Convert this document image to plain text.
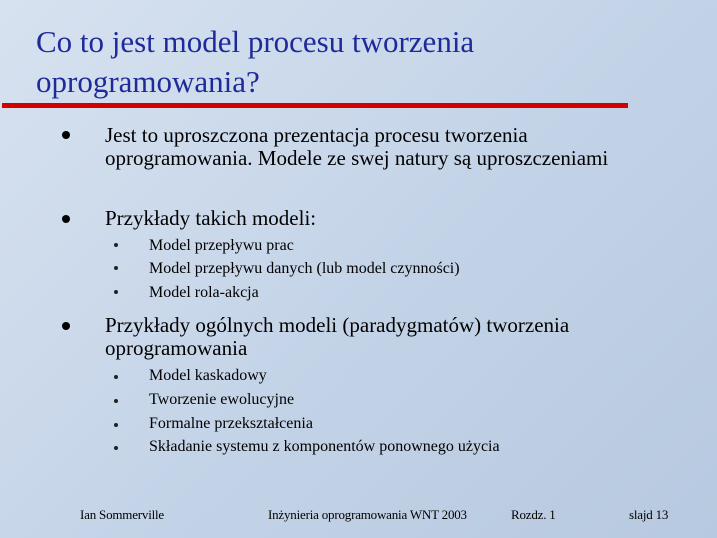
Co to jest model procesu tworzenia oprogramowania?
Jest to uproszczona prezentacja procesu tworzenia oprogramowania. Modele ze swej natury są uproszczeniami
Przykłady takich modeli:
Model przepływu prac
Model przepływu danych (lub model czynności)
Model rola-akcja
Przykłady ogólnych modeli (paradygmatów) tworzenia oprogramowania
Model kaskadowy
Tworzenie ewolucyjne
Formalne przekształcenia
Składanie systemu z komponentów ponownego użycia
Ian Sommerville	Inżynieria oprogramowania WNT 2003	Rozdz. 1	slajd 13
